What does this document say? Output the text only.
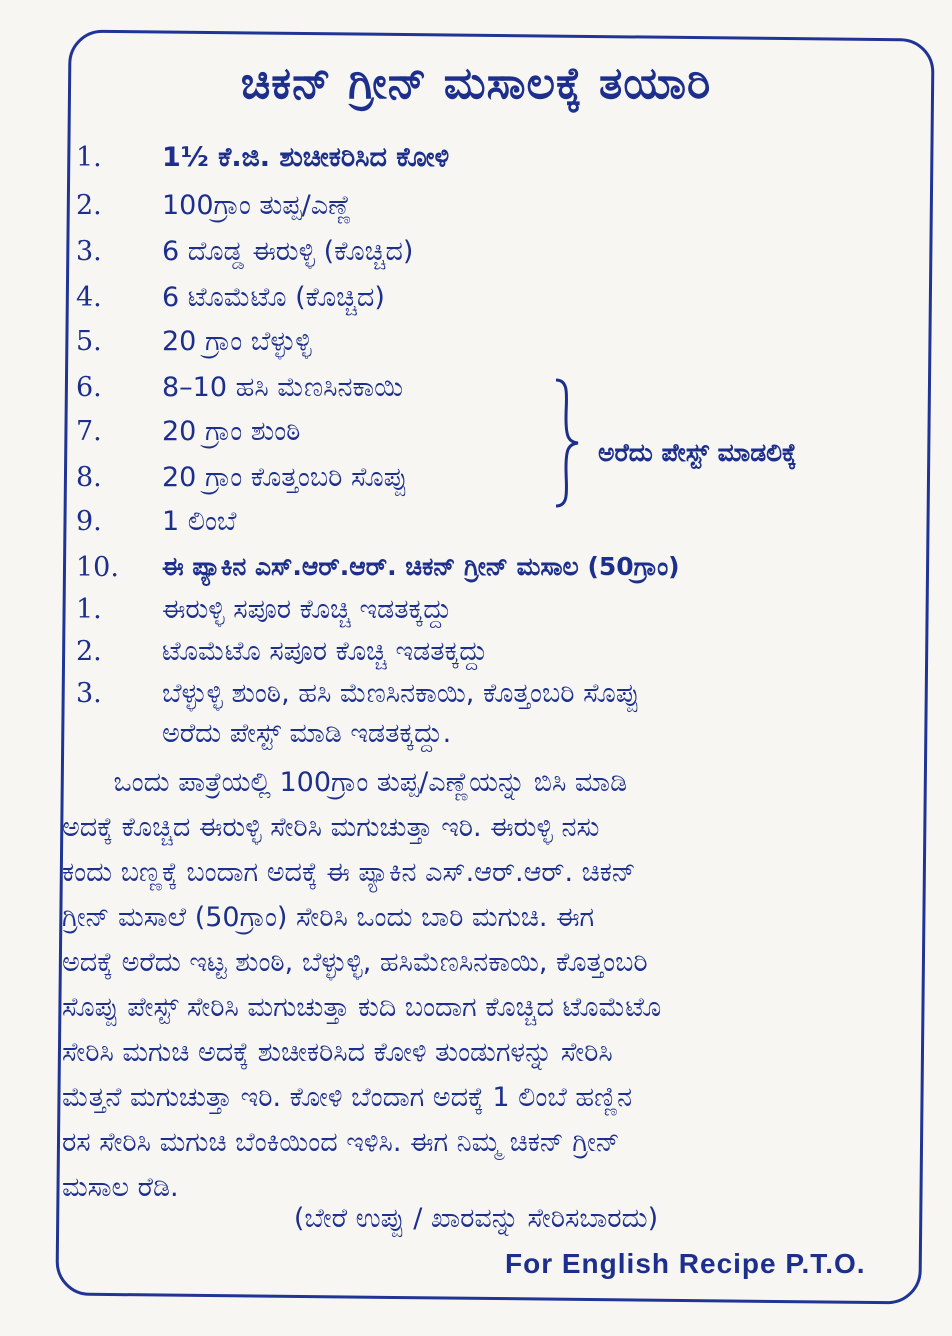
ಚಿಕನ್ ಗ್ರೀನ್ ಮಸಾಲಕ್ಕೆ ತಯಾರಿ
1.	1½ ಕೆ.ಜಿ. ಶುಚೀಕರಿಸಿದ ಕೋಳಿ
2.	100ಗ್ರಾಂ ತುಪ್ಪ/ಎಣ್ಣೆ
3.	6 ದೊಡ್ಡ ಈರುಳ್ಳಿ (ಕೊಚ್ಚಿದ)
4.	6 ಟೊಮೆಟೊ (ಕೊಚ್ಚಿದ)
5.	20 ಗ್ರಾಂ ಬೆಳ್ಳುಳ್ಳಿ
6.	8–10 ಹಸಿ ಮೆಣಸಿನಕಾಯಿ
7.	20 ಗ್ರಾಂ ಶುಂಠಿ
8.	20 ಗ್ರಾಂ ಕೊತ್ತಂಬರಿ ಸೊಪ್ಪು
9.	1 ಲಿಂಬೆ
10.	ಈ ಪ್ಯಾಕಿನ ಎಸ್.ಆರ್.ಆರ್. ಚಿಕನ್ ಗ್ರೀನ್ ಮಸಾಲ (50ಗ್ರಾಂ)
ಅರೆದು ಪೇಸ್ಟ್ ಮಾಡಲಿಕ್ಕೆ
1.	ಈರುಳ್ಳಿ ಸಪೂರ ಕೊಚ್ಚಿ ಇಡತಕ್ಕದ್ದು
2.	ಟೊಮೆಟೊ ಸಪೂರ ಕೊಚ್ಚಿ ಇಡತಕ್ಕದ್ದು
3.	ಬೆಳ್ಳುಳ್ಳಿ ಶುಂಠಿ, ಹಸಿ ಮೆಣಸಿನಕಾಯಿ, ಕೊತ್ತಂಬರಿ ಸೊಪ್ಪು
ಅರೆದು ಪೇಸ್ಟ್ ಮಾಡಿ ಇಡತಕ್ಕದ್ದು.
ಒಂದು ಪಾತ್ರೆಯಲ್ಲಿ 100ಗ್ರಾಂ ತುಪ್ಪ/ಎಣ್ಣೆಯನ್ನು ಬಿಸಿ ಮಾಡಿ
ಅದಕ್ಕೆ ಕೊಚ್ಚಿದ ಈರುಳ್ಳಿ ಸೇರಿಸಿ ಮಗುಚುತ್ತಾ ಇರಿ. ಈರುಳ್ಳಿ ನಸು
ಕಂದು ಬಣ್ಣಕ್ಕೆ ಬಂದಾಗ ಅದಕ್ಕೆ ಈ ಪ್ಯಾಕಿನ ಎಸ್.ಆರ್.ಆರ್. ಚಿಕನ್
ಗ್ರೀನ್ ಮಸಾಲೆ (50ಗ್ರಾಂ) ಸೇರಿಸಿ ಒಂದು ಬಾರಿ ಮಗುಚಿ. ಈಗ
ಅದಕ್ಕೆ ಅರೆದು ಇಟ್ಟ ಶುಂಠಿ, ಬೆಳ್ಳುಳ್ಳಿ, ಹಸಿಮೆಣಸಿನಕಾಯಿ, ಕೊತ್ತಂಬರಿ
ಸೊಪ್ಪು ಪೇಸ್ಟ್ ಸೇರಿಸಿ ಮಗುಚುತ್ತಾ ಕುದಿ ಬಂದಾಗ ಕೊಚ್ಚಿದ ಟೊಮೆಟೊ
ಸೇರಿಸಿ ಮಗುಚಿ ಅದಕ್ಕೆ ಶುಚೀಕರಿಸಿದ ಕೋಳಿ ತುಂಡುಗಳನ್ನು ಸೇರಿಸಿ
ಮೆತ್ತನೆ ಮಗುಚುತ್ತಾ ಇರಿ. ಕೋಳಿ ಬೆಂದಾಗ ಅದಕ್ಕೆ 1 ಲಿಂಬೆ ಹಣ್ಣಿನ
ರಸ ಸೇರಿಸಿ ಮಗುಚಿ ಬೆಂಕಿಯಿಂದ ಇಳಿಸಿ. ಈಗ ನಿಮ್ಮ ಚಿಕನ್ ಗ್ರೀನ್
ಮಸಾಲ ರೆಡಿ.
(ಬೇರೆ ಉಪ್ಪು / ಖಾರವನ್ನು ಸೇರಿಸಬಾರದು)
For English Recipe P.T.O.
